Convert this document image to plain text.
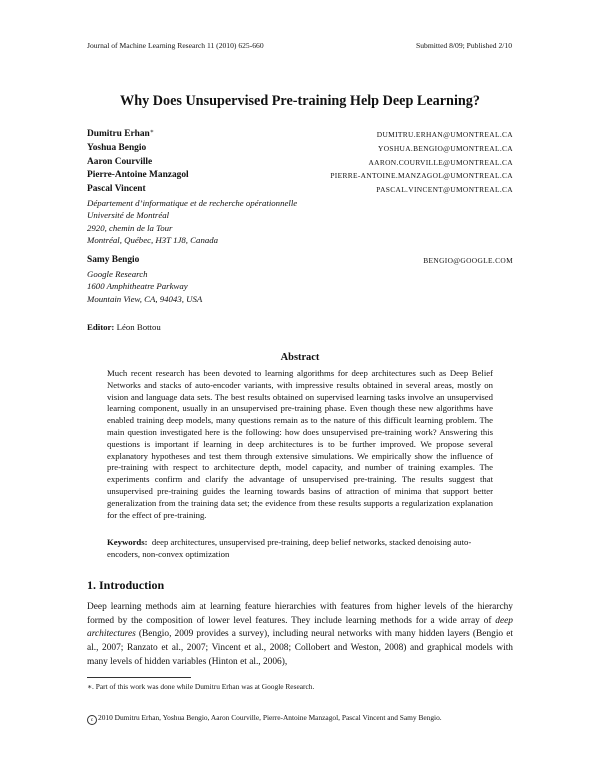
Journal of Machine Learning Research 11 (2010) 625-660	Submitted 8/09; Published 2/10
Why Does Unsupervised Pre-training Help Deep Learning?
Dumitru Erhan∗	DUMITRU.ERHAN@UMONTREAL.CA
Yoshua Bengio	YOSHUA.BENGIO@UMONTREAL.CA
Aaron Courville	AARON.COURVILLE@UMONTREAL.CA
Pierre-Antoine Manzagol	PIERRE-ANTOINE.MANZAGOL@UMONTREAL.CA
Pascal Vincent	PASCAL.VINCENT@UMONTREAL.CA
Département d’informatique et de recherche opérationnelle
Université de Montréal
2920, chemin de la Tour
Montréal, Québec, H3T 1J8, Canada
Samy Bengio	BENGIO@GOOGLE.COM
Google Research
1600 Amphitheatre Parkway
Mountain View, CA, 94043, USA
Editor: Léon Bottou
Abstract

Much recent research has been devoted to learning algorithms for deep architectures such as Deep Belief Networks and stacks of auto-encoder variants, with impressive results obtained in several areas, mostly on vision and language data sets. The best results obtained on supervised learning tasks involve an unsupervised learning component, usually in an unsupervised pre-training phase. Even though these new algorithms have enabled training deep models, many questions remain as to the nature of this difficult learning problem. The main question investigated here is the following: how does unsupervised pre-training work? Answering this questions is important if learning in deep architectures is to be further improved. We propose several explanatory hypotheses and test them through extensive simulations. We empirically show the influence of pre-training with respect to architecture depth, model capacity, and number of training examples. The experiments confirm and clarify the advantage of unsupervised pre-training. The results suggest that unsupervised pre-training guides the learning towards basins of attraction of minima that support better generalization from the training data set; the evidence from these results supports a regularization explanation for the effect of pre-training.

Keywords: deep architectures, unsupervised pre-training, deep belief networks, stacked denoising auto-encoders, non-convex optimization
1. Introduction

Deep learning methods aim at learning feature hierarchies with features from higher levels of the hierarchy formed by the composition of lower level features. They include learning methods for a wide array of deep architectures (Bengio, 2009 provides a survey), including neural networks with many hidden layers (Bengio et al., 2007; Ranzato et al., 2007; Vincent et al., 2008; Collobert and Weston, 2008) and graphical models with many levels of hidden variables (Hinton et al., 2006),

∗. Part of this work was done while Dumitru Erhan was at Google Research.
c 2010 Dumitru Erhan, Yoshua Bengio, Aaron Courville, Pierre-Antoine Manzagol, Pascal Vincent and Samy Bengio.
